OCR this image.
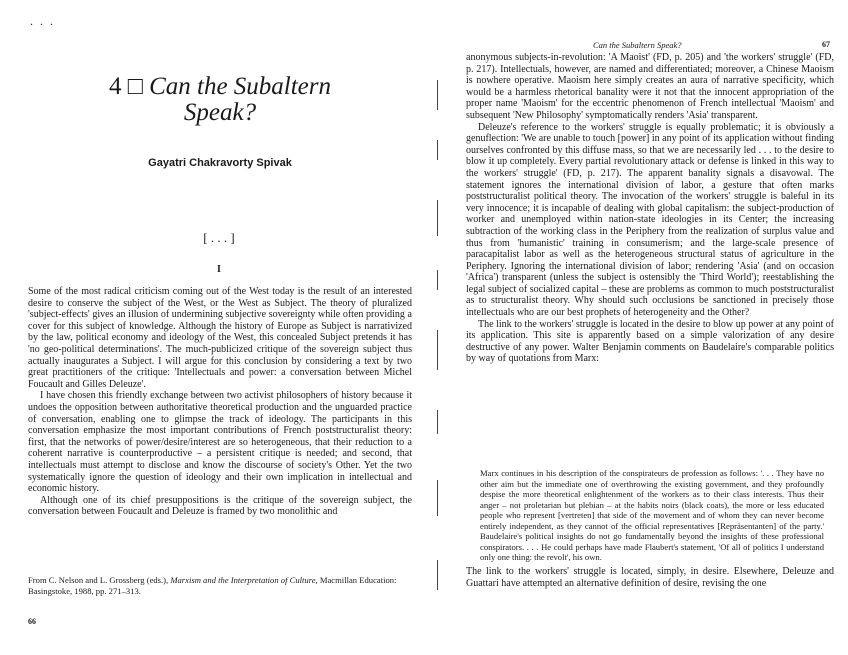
. . .
4 □ Can the Subaltern
Speak?
Gayatri Chakravorty Spivak
[ . . . ]
I

Some of the most radical criticism coming out of the West today is the result of an interested desire to conserve the subject of the West, or the West as Subject. The theory of pluralized 'subject-effects' gives an illusion of undermining subjective sovereignty while often providing a cover for this subject of knowledge. Although the history of Europe as Subject is narrativized by the law, political economy and ideology of the West, this concealed Subject pretends it has 'no geo-political determinations'. The much-publicized critique of the sovereign subject thus actually inaugurates a Subject. I will argue for this conclusion by considering a text by two great practitioners of the critique: 'Intellectuals and power: a conversation between Michel Foucault and Gilles Deleuze'.

I have chosen this friendly exchange between two activist philosophers of history because it undoes the opposition between authoritative theoretical production and the unguarded practice of conversation, enabling one to glimpse the track of ideology. The participants in this conversation emphasize the most important contributions of French poststructuralist theory: first, that the networks of power/desire/interest are so heterogeneous, that their reduction to a coherent narrative is counterproductive – a persistent critique is needed; and second, that intellectuals must attempt to disclose and know the discourse of society's Other. Yet the two systematically ignore the question of ideology and their own implication in intellectual and economic history.

Although one of its chief presuppositions is the critique of the sovereign subject, the conversation between Foucault and Deleuze is framed by two monolithic and

From C. Nelson and L. Grossberg (eds.), Marxism and the Interpretation of Culture, Macmillan Education: Basingstoke, 1988, pp. 271–313.
66
Can the Subaltern Speak?	67

anonymous subjects-in-revolution: 'A Maoist' (FD, p. 205) and 'the workers' struggle' (FD, p. 217). Intellectuals, however, are named and differentiated; moreover, a Chinese Maoism is nowhere operative. Maoism here simply creates an aura of narrative specificity, which would be a harmless rhetorical banality were it not that the innocent appropriation of the proper name 'Maoism' for the eccentric phenomenon of French intellectual 'Maoism' and subsequent 'New Philosophy' symptomatically renders 'Asia' transparent.

Deleuze's reference to the workers' struggle is equally problematic; it is obviously a genuflection: 'We are unable to touch [power] in any point of its application without finding ourselves confronted by this diffuse mass, so that we are necessarily led . . . to the desire to blow it up completely. Every partial revolutionary attack or defense is linked in this way to the workers' struggle' (FD, p. 217). The apparent banality signals a disavowal. The statement ignores the international division of labor, a gesture that often marks poststructuralist political theory. The invocation of the workers' struggle is baleful in its very innocence; it is incapable of dealing with global capitalism: the subject-production of worker and unemployed within nation-state ideologies in its Center; the increasing subtraction of the working class in the Periphery from the realization of surplus value and thus from 'humanistic' training in consumerism; and the large-scale presence of paracapitalist labor as well as the heterogeneous structural status of agriculture in the Periphery. Ignoring the international division of labor; rendering 'Asia' (and on occasion 'Africa') transparent (unless the subject is ostensibly the 'Third World'); reestablishing the legal subject of socialized capital – these are problems as common to much poststructuralist as to structuralist theory. Why should such occlusions be sanctioned in precisely those intellectuals who are our best prophets of heterogeneity and the Other?

The link to the workers' struggle is located in the desire to blow up power at any point of its application. This site is apparently based on a simple valorization of any desire destructive of any power. Walter Benjamin comments on Baudelaire's comparable politics by way of quotations from Marx:

Marx continues in his description of the conspirateurs de profession as follows: '. . . They have no other aim but the immediate one of overthrowing the existing government, and they profoundly despise the more theoretical enlightenment of the workers as to their class interests. Thus their anger – not proletarian but plebian – at the habits noirs (black coats), the more or less educated people who represent [vertreten] that side of the movement and of whom they can never become entirely independent, as they cannot of the official representatives [Repräsentanten] of the party.' Baudelaire's political insights do not go fundamentally beyond the insights of these professional conspirators. . . . He could perhaps have made Flaubert's statement, 'Of all of politics I understand only one thing: the revolt', his own.

The link to the workers' struggle is located, simply, in desire. Elsewhere, Deleuze and Guattari have attempted an alternative definition of desire, revising the one
